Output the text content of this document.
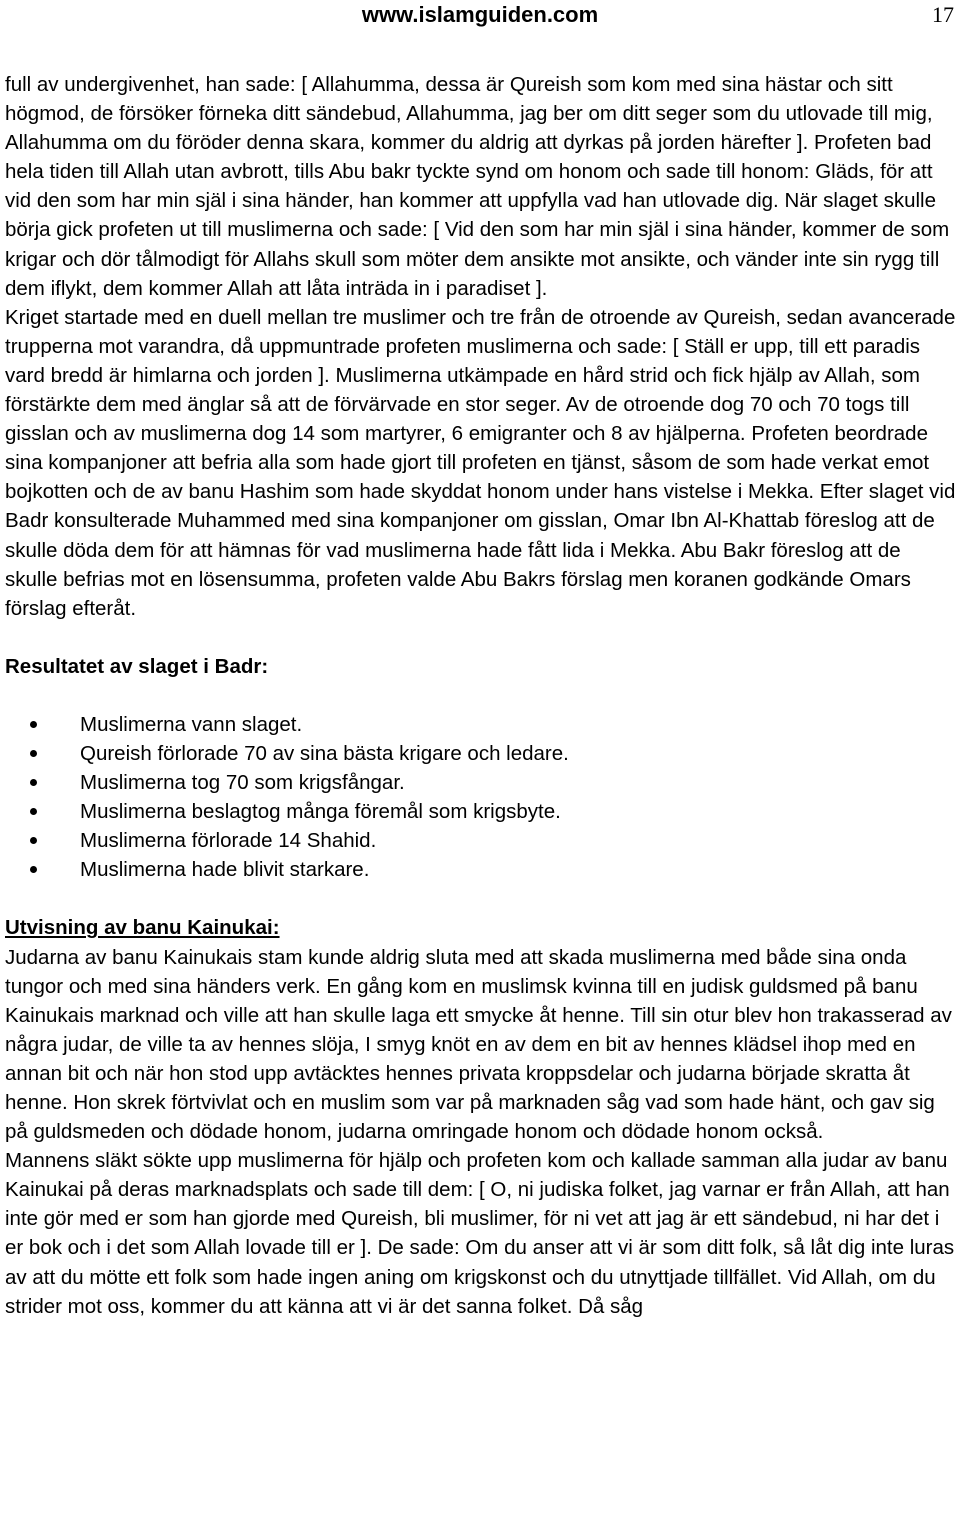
www.islamguiden.com	17

full av undergivenhet, han sade: [ Allahumma, dessa är Qureish som kom med sina hästar och sitt högmod, de försöker förneka ditt sändebud, Allahumma, jag ber om ditt seger som du utlovade till mig, Allahumma om du föröder denna skara, kommer du aldrig att dyrkas på jorden härefter ]. Profeten bad hela tiden till Allah utan avbrott, tills Abu bakr tyckte synd om honom och sade till honom: Gläds, för att vid den som har min själ i sina händer, han kommer att uppfylla vad han utlovade dig. När slaget skulle börja gick profeten ut till muslimerna och sade: [ Vid den som har min själ i sina händer, kommer de som krigar och dör tålmodigt för Allahs skull som möter dem ansikte mot ansikte, och vänder inte sin rygg till dem iflykt, dem kommer Allah att låta inträda in i paradiset ].

Kriget startade med en duell mellan tre muslimer och tre från de otroende av Qureish, sedan avancerade trupperna mot varandra, då uppmuntrade profeten muslimerna och sade: [ Ställ er upp, till ett paradis vard bredd är himlarna och jorden ]. Muslimerna utkämpade en hård strid och fick hjälp av Allah, som förstärkte dem med änglar så att de förvärvade en stor seger. Av de otroende dog 70 och 70 togs till gisslan och av muslimerna dog 14 som martyrer, 6 emigranter och 8 av hjälperna. Profeten beordrade sina kompanjoner att befria alla som hade gjort till profeten en tjänst, såsom de som hade verkat emot bojkotten och de av banu Hashim som hade skyddat honom under hans vistelse i Mekka. Efter slaget vid Badr konsulterade Muhammed med sina kompanjoner om gisslan, Omar Ibn Al-Khattab föreslog att de skulle döda dem för att hämnas för vad muslimerna hade fått lida i Mekka. Abu Bakr föreslog att de skulle befrias mot en lösensumma, profeten valde Abu Bakrs förslag men koranen godkände Omars förslag efteråt.

Resultatet av slaget i Badr:

Muslimerna vann slaget.
Qureish förlorade 70 av sina bästa krigare och ledare.
Muslimerna tog 70 som krigsfångar.
Muslimerna beslagtog många föremål som krigsbyte.
Muslimerna förlorade 14 Shahid.
Muslimerna hade blivit starkare.

Utvisning av banu Kainukai:

Judarna av banu Kainukais stam kunde aldrig sluta med att skada muslimerna med både sina onda tungor och med sina händers verk. En gång kom en muslimsk kvinna till en judisk guldsmed på banu Kainukais marknad och ville att han skulle laga ett smycke åt henne. Till sin otur blev hon trakasserad av några judar, de ville ta av hennes slöja, I smyg knöt en av dem en bit av hennes klädsel ihop med en annan bit och när hon stod upp avtäcktes hennes privata kroppsdelar och judarna började skratta åt henne. Hon skrek förtvivlat och en muslim som var på marknaden såg vad som hade hänt, och gav sig på guldsmeden och dödade honom, judarna omringade honom och dödade honom också.

Mannens släkt sökte upp muslimerna för hjälp och profeten kom och kallade samman alla judar av banu Kainukai på deras marknadsplats och sade till dem: [ O, ni judiska folket, jag varnar er från Allah, att han inte gör med er som han gjorde med Qureish, bli muslimer, för ni vet att jag är ett sändebud, ni har det i er bok och i det som Allah lovade till er ]. De sade: Om du anser att vi är som ditt folk, så låt dig inte luras av att du mötte ett folk som hade ingen aning om krigskonst och du utnyttjade tillfället. Vid Allah, om du strider mot oss, kommer du att känna att vi är det sanna folket. Då såg
